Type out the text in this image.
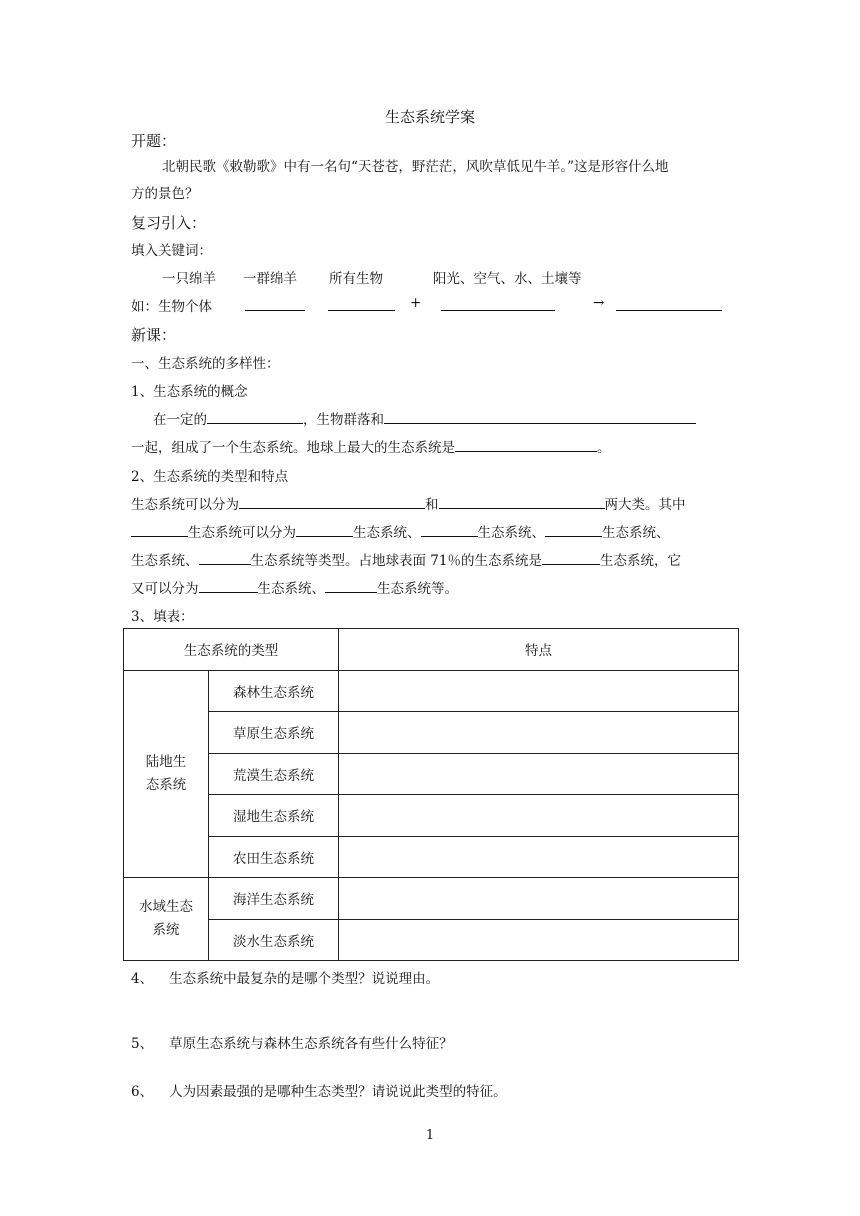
生态系统学案
开题：
北朝民歌《敕勒歌》中有一名句“天苍苍，野茫茫，风吹草低见牛羊。”这是形容什么地
方的景色？
复习引入：
填入关键词：
一只绵羊 一群绵羊 所有生物	阳光、空气、水、土壤等
如：生物个体	+	→
新课：
一、生态系统的多样性：
1、生态系统的概念
在一定的	，生物群落和
一起，组成了一个生态系统。地球上最大的生态系统是	。
2、生态系统的类型和特点
生态系统可以分为	和	两大类。其中
生态系统可以分为	生态系统、	生态系统、	生态系统、
生态系统、	生态系统等类型。占地球表面 71％的生态系统是	生态系统，它
又可以分为	生态系统、	生态系统等。
3、填表：
生态系统的类型		特点
陆地生
态系统	森林生态系统	
	草原生态系统	
	荒漠生态系统	
	湿地生态系统	
	农田生态系统	
水域生态
系统	海洋生态系统	
	淡水生态系统	
4、 生态系统中最复杂的是哪个类型？说说理由。
5、 草原生态系统与森林生态系统各有些什么特征？
6、 人为因素最强的是哪种生态类型？请说说此类型的特征。
1
